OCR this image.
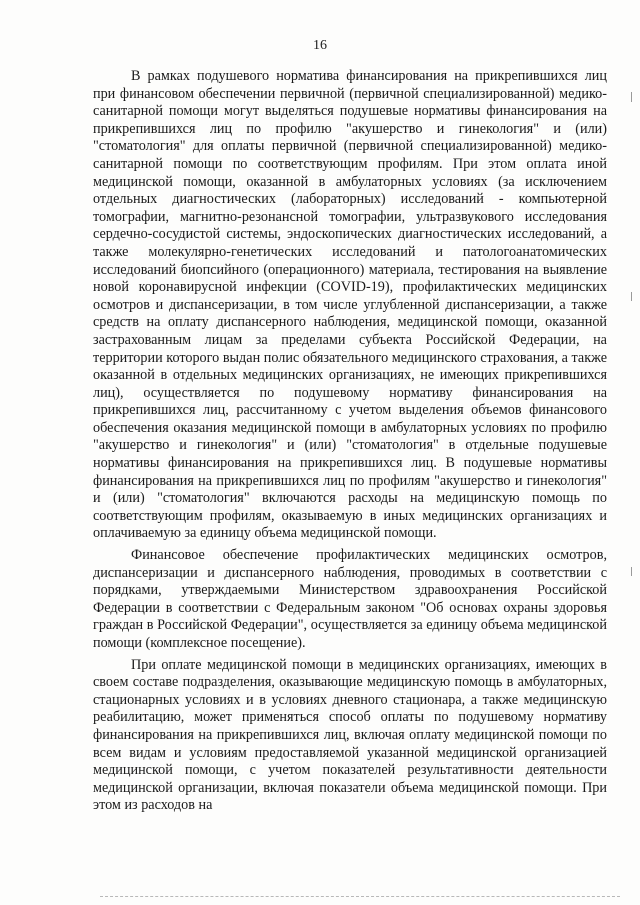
16

В рамках подушевого норматива финансирования на прикрепившихся лиц при финансовом обеспечении первичной (первичной специализированной) медико-санитарной помощи могут выделяться подушевые нормативы финансирования на прикрепившихся лиц по профилю "акушерство и гинекология" и (или) "стоматология" для оплаты первичной (первичной специализированной) медико-санитарной помощи по соответствующим профилям. При этом оплата иной медицинской помощи, оказанной в амбулаторных условиях (за исключением отдельных диагностических (лабораторных) исследований - компьютерной томографии, магнитно-резонансной томографии, ультразвукового исследования сердечно-сосудистой системы, эндоскопических диагностических исследований, а также молекулярно-генетических исследований и патологоанатомических исследований биопсийного (операционного) материала, тестирования на выявление новой коронавирусной инфекции (COVID-19), профилактических медицинских осмотров и диспансеризации, в том числе углубленной диспансеризации, а также средств на оплату диспансерного наблюдения, медицинской помощи, оказанной застрахованным лицам за пределами субъекта Российской Федерации, на территории которого выдан полис обязательного медицинского страхования, а также оказанной в отдельных медицинских организациях, не имеющих прикрепившихся лиц), осуществляется по подушевому нормативу финансирования на прикрепившихся лиц, рассчитанному с учетом выделения объемов финансового обеспечения оказания медицинской помощи в амбулаторных условиях по профилю "акушерство и гинекология" и (или) "стоматология" в отдельные подушевые нормативы финансирования на прикрепившихся лиц. В подушевые нормативы финансирования на прикрепившихся лиц по профилям "акушерство и гинекология" и (или) "стоматология" включаются расходы на медицинскую помощь по соответствующим профилям, оказываемую в иных медицинских организациях и оплачиваемую за единицу объема медицинской помощи.

Финансовое обеспечение профилактических медицинских осмотров, диспансеризации и диспансерного наблюдения, проводимых в соответствии с порядками, утверждаемыми Министерством здравоохранения Российской Федерации в соответствии с Федеральным законом "Об основах охраны здоровья граждан в Российской Федерации", осуществляется за единицу объема медицинской помощи (комплексное посещение).

При оплате медицинской помощи в медицинских организациях, имеющих в своем составе подразделения, оказывающие медицинскую помощь в амбулаторных, стационарных условиях и в условиях дневного стационара, а также медицинскую реабилитацию, может применяться способ оплаты по подушевому нормативу финансирования на прикрепившихся лиц, включая оплату медицинской помощи по всем видам и условиям предоставляемой указанной медицинской организацией медицинской помощи, с учетом показателей результативности деятельности медицинской организации, включая показатели объема медицинской помощи. При этом из расходов на
